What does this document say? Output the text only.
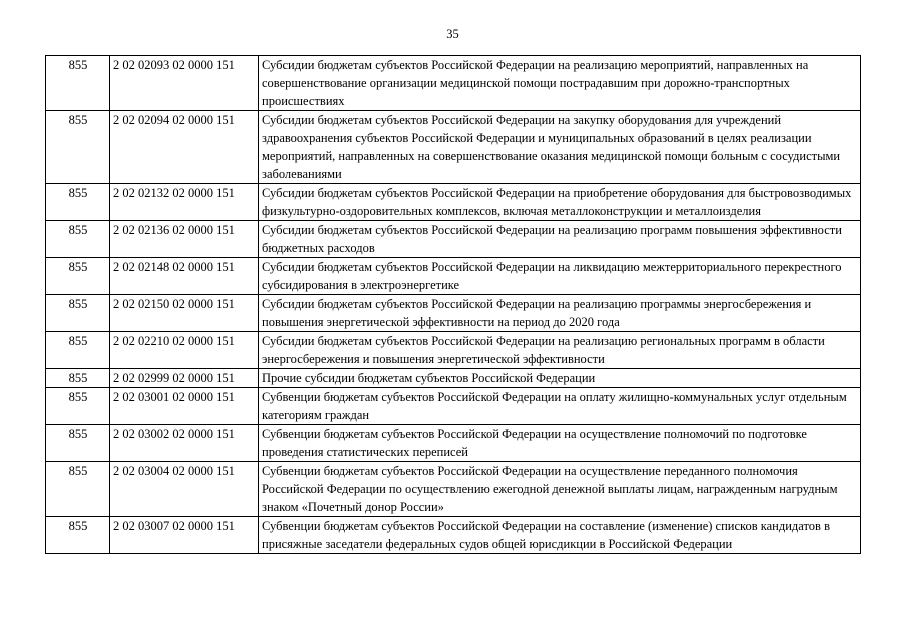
35
855	2 02 02093 02 0000 151	Субсидии бюджетам субъектов Российской Федерации на реализацию мероприятий, направленных на совершенствование организации медицинской помощи пострадавшим при дорожно-транспортных происшествиях
855	2 02 02094 02 0000 151	Субсидии бюджетам субъектов Российской Федерации на закупку оборудования для учреждений здравоохранения субъектов Российской Федерации и муниципальных образований в целях реализации мероприятий, направленных на совершенствование оказания медицинской помощи больным с сосудистыми заболеваниями
855	2 02 02132 02 0000 151	Субсидии бюджетам субъектов Российской Федерации на приобретение оборудования для быстровозводимых физкультурно-оздоровительных комплексов, включая металлоконструкции и металлоизделия
855	2 02 02136 02 0000 151	Субсидии бюджетам субъектов Российской Федерации на реализацию программ повышения эффективности бюджетных расходов
855	2 02 02148 02 0000 151	Субсидии бюджетам субъектов Российской Федерации на ликвидацию межтерриториального перекрестного субсидирования в электроэнергетике
855	2 02 02150 02 0000 151	Субсидии бюджетам субъектов Российской Федерации на реализацию программы энергосбережения и повышения энергетической эффективности на период до 2020 года
855	2 02 02210 02 0000 151	Субсидии бюджетам субъектов Российской Федерации на реализацию региональных программ в области энергосбережения и повышения энергетической эффективности
855	2 02 02999 02 0000 151	Прочие субсидии бюджетам субъектов Российской Федерации
855	2 02 03001 02 0000 151	Субвенции бюджетам субъектов Российской Федерации на оплату жилищно-коммунальных услуг отдельным категориям граждан
855	2 02 03002 02 0000 151	Субвенции бюджетам субъектов Российской Федерации на осуществление полномочий по подготовке проведения статистических переписей
855	2 02 03004 02 0000 151	Субвенции бюджетам субъектов Российской Федерации на осуществление переданного полномочия Российской Федерации по осуществлению ежегодной денежной выплаты лицам, награжденным нагрудным знаком «Почетный донор России»
855	2 02 03007 02 0000 151	Субвенции бюджетам субъектов Российской Федерации на составление (изменение) списков кандидатов в присяжные заседатели федеральных судов общей юрисдикции в Российской Федерации
